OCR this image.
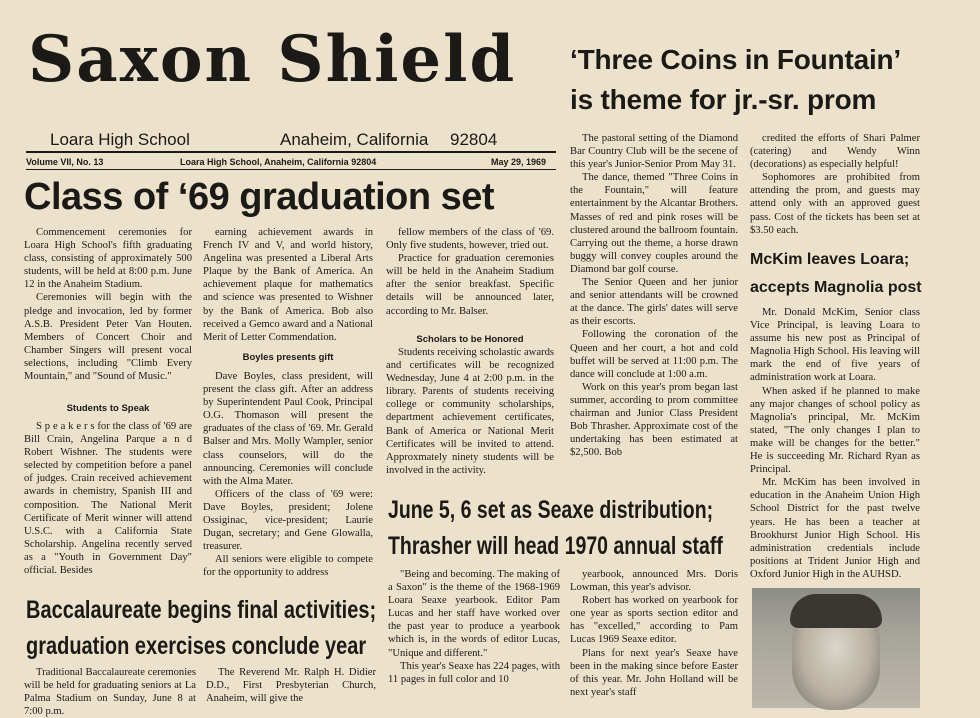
Saxon Shield
Loara High School	Anaheim, California 92804
Volume VII, No. 13	Loara High School, Anaheim, California 92804	May 29, 1969
‘Three Coins in Fountain’
is theme for jr.-sr. prom

The pastoral setting of the Diamond Bar Country Club will be the secene of this year's Junior-Senior Prom May 31.

The dance, themed "Three Coins in the Fountain," will feature entertainment by the Alcantar Brothers. Masses of red and pink roses will be clustered around the ballroom fountain. Carrying out the theme, a horse drawn buggy will convey couples around the Diamond bar golf course.

The Senior Queen and her junior and senior attendants will be crowned at the dance. The girls' dates will serve as their escorts.

Following the coronation of the Queen and her court, a hot and cold buffet will be served at 11:00 p.m. The dance will conclude at 1:00 a.m.

Work on this year's prom began last summer, according to prom committee chairman and Junior Class President Bob Thrasher. Approximate cost of the undertaking has been estimated at $2,500. Bob

credited the efforts of Shari Palmer (catering) and Wendy Winn (decorations) as especially helpful!

Sophomores are prohibited from attending the prom, and guests may attend only with an approved guest pass. Cost of the tickets has been set at $3.50 each.

McKim leaves Loara;
accepts Magnolia post

Mr. Donald McKim, Senior class Vice Principal, is leaving Loara to assume his new post as Principal of Magnolia High School. His leaving will mark the end of five years of administration work at Loara.

When asked if he planned to make any major changes of school policy as Magnolia's principal, Mr. McKim stated, "The only changes I plan to make will be changes for the better." He is succeeding Mr. Richard Ryan as Principal.

Mr. McKim has been involved in education in the Anaheim Union High School District for the past twelve years. He has been a teacher at Brookhurst Junior High School. His administration credentials include positions at Trident Junior High and Oxford Junior High in the AUHSD.

Class of ‘69 graduation set

Commencement ceremonies for Loara High School's fifth graduating class, consisting of approximately 500 students, will be held at 8:00 p.m. June 12 in the Anaheim Stadium.

Ceremonies will begin with the pledge and invocation, led by former A.S.B. President Peter Van Houten. Members of Concert Choir and Chamber Singers will present vocal selections, including "Climb Every Mountain," and "Sound of Music."

Students to Speak

S p e a k e r s for the class of '69 are Bill Crain, Angelina Parque a n d Robert Wishner. The students were selected by competition before a panel of judges. Crain received achievement awards in chemistry, Spanish III and composition. The National Merit Certificate of Merit winner will attend U.S.C. with a California State Scholarship. Angelina recently served as a "Youth in Government Day" official. Besides

earning achievement awards in French IV and V, and world history, Angelina was presented a Liberal Arts Plaque by the Bank of America. An achievement plaque for mathematics and science was presented to Wishner by the Bank of America. Bob also received a Gemco award and a National Merit of Letter Commendation.

Boyles presents gift

Dave Boyles, class president, will present the class gift. After an address by Superintendent Paul Cook, Principal O.G. Thomason will present the graduates of the class of '69. Mr. Gerald Balser and Mrs. Molly Wampler, senior class counselors, will do the announcing. Ceremonies will conclude with the Alma Mater.

Officers of the class of '69 were: Dave Boyles, president; Jolene Ossiginac, vice-president; Laurie Dugan, secretary; and Gene Glowalla, treasurer.

All seniors were eligible to compete for the opportunity to address

fellow members of the class of '69. Only five students, however, tried out.

Practice for graduation ceremonies will be held in the Anaheim Stadium after the senior breakfast. Specific details will be announced later, according to Mr. Balser.

Scholars to be Honored

Students receiving scholastic awards and certificates will be recognized Wednesday, June 4 at 2:00 p.m. in the library. Parents of students receiving college or community scholarships, department achievement certificates, Bank of America or National Merit Certificates will be invited to attend. Approxmately ninety students will be involved in the activity.

June 5, 6 set as Seaxe distribution;
Thrasher will head 1970 annual staff

"Being and becoming. The making of a Saxon" is the theme of the 1968-1969 Loara Seaxe yearbook. Editor Pam Lucas and her staff have worked over the past year to produce a yearbook which is, in the words of editor Lucas, "Unique and different."

This year's Seaxe has 224 pages, with 11 pages in full color and 10

yearbook, announced Mrs. Doris Lowman, this year's advisor.

Robert has worked on yearbook for one year as sports section editor and has "excelled," according to Pam Lucas 1969 Seaxe editor.

Plans for next year's Seaxe have been in the making since before Easter of this year. Mr. John Holland will be next year's staff

Baccalaureate begins final activities;
graduation exercises conclude year

Traditional Baccalaureate ceremonies will be held for graduating seniors at La Palma Stadium on Sunday, June 8 at 7:00 p.m.

The Reverend Mr. Ralph H. Didier D.D., First Presbyterian Church, Anaheim, will give the
